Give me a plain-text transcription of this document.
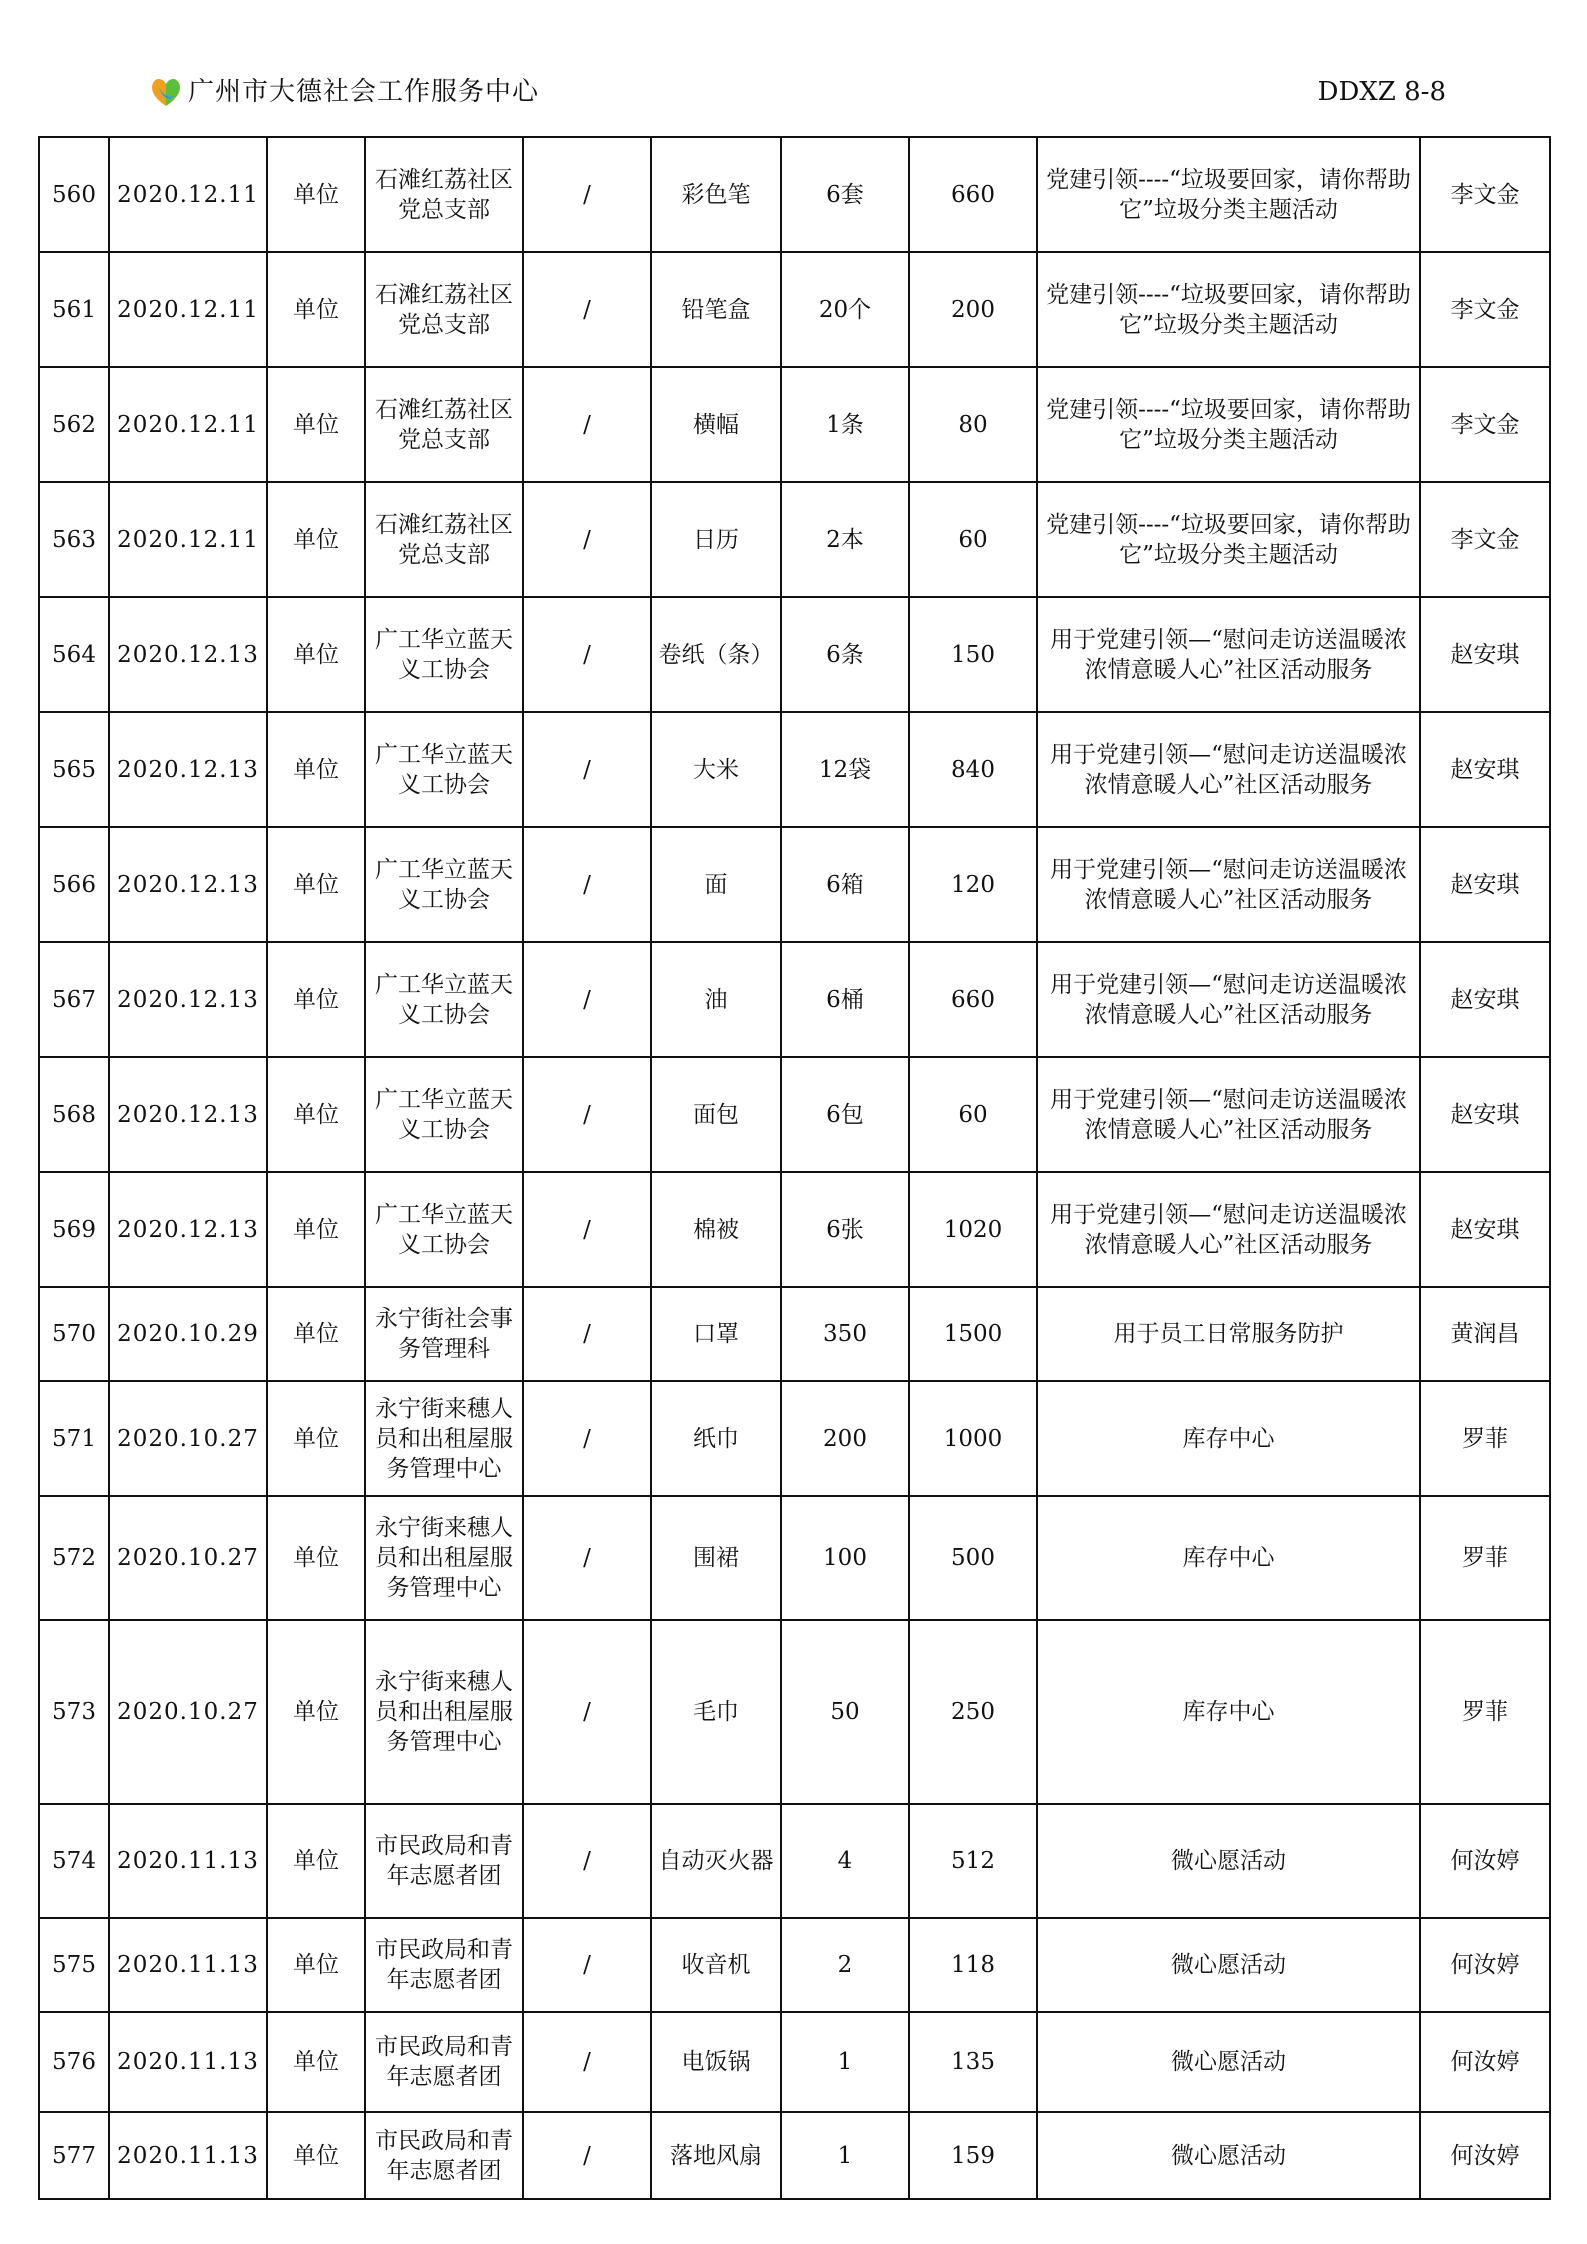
广州市大德社会工作服务中心	DDXZ 8-8
560	2020.12.11	单位	石滩红荔社区党总支部	/	彩色笔	6套	660	党建引领----“垃圾要回家，请你帮助它”垃圾分类主题活动	李文金
561	2020.12.11	单位	石滩红荔社区党总支部	/	铅笔盒	20个	200	党建引领----“垃圾要回家，请你帮助它”垃圾分类主题活动	李文金
562	2020.12.11	单位	石滩红荔社区党总支部	/	横幅	1条	80	党建引领----“垃圾要回家，请你帮助它”垃圾分类主题活动	李文金
563	2020.12.11	单位	石滩红荔社区党总支部	/	日历	2本	60	党建引领----“垃圾要回家，请你帮助它”垃圾分类主题活动	李文金
564	2020.12.13	单位	广工华立蓝天义工协会	/	卷纸（条）	6条	150	用于党建引领—“慰问走访送温暖浓浓情意暖人心”社区活动服务	赵安琪
565	2020.12.13	单位	广工华立蓝天义工协会	/	大米	12袋	840	用于党建引领—“慰问走访送温暖浓浓情意暖人心”社区活动服务	赵安琪
566	2020.12.13	单位	广工华立蓝天义工协会	/	面	6箱	120	用于党建引领—“慰问走访送温暖浓浓情意暖人心”社区活动服务	赵安琪
567	2020.12.13	单位	广工华立蓝天义工协会	/	油	6桶	660	用于党建引领—“慰问走访送温暖浓浓情意暖人心”社区活动服务	赵安琪
568	2020.12.13	单位	广工华立蓝天义工协会	/	面包	6包	60	用于党建引领—“慰问走访送温暖浓浓情意暖人心”社区活动服务	赵安琪
569	2020.12.13	单位	广工华立蓝天义工协会	/	棉被	6张	1020	用于党建引领—“慰问走访送温暖浓浓情意暖人心”社区活动服务	赵安琪
570	2020.10.29	单位	永宁街社会事务管理科	/	口罩	350	1500	用于员工日常服务防护	黄润昌
571	2020.10.27	单位	永宁街来穗人员和出租屋服务管理中心	/	纸巾	200	1000	库存中心	罗菲
572	2020.10.27	单位	永宁街来穗人员和出租屋服务管理中心	/	围裙	100	500	库存中心	罗菲
573	2020.10.27	单位	永宁街来穗人员和出租屋服务管理中心	/	毛巾	50	250	库存中心	罗菲
574	2020.11.13	单位	市民政局和青年志愿者团	/	自动灭火器	4	512	微心愿活动	何汝婷
575	2020.11.13	单位	市民政局和青年志愿者团	/	收音机	2	118	微心愿活动	何汝婷
576	2020.11.13	单位	市民政局和青年志愿者团	/	电饭锅	1	135	微心愿活动	何汝婷
577	2020.11.13	单位	市民政局和青年志愿者团	/	落地风扇	1	159	微心愿活动	何汝婷
